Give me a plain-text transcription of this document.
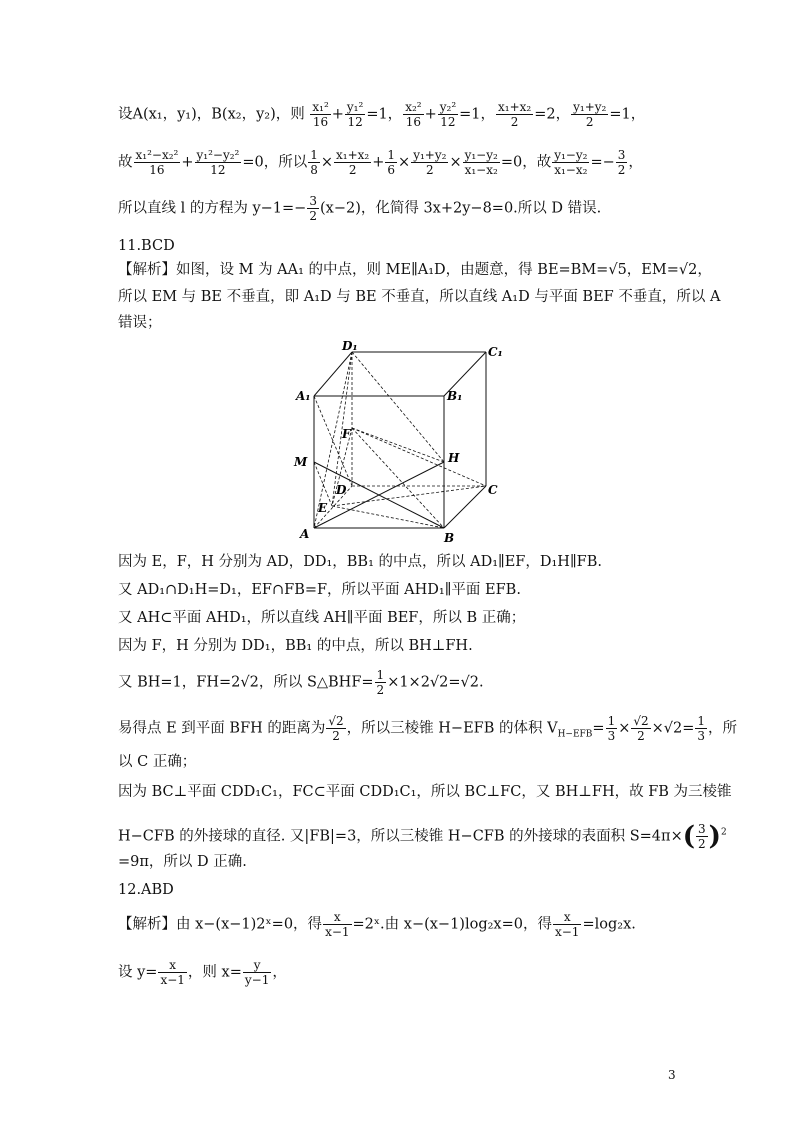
设A(x₁，y₁)，B(x₂，y₂)，则 $\frac{\text{x₁²}}{16} + \frac{\text{y₁²}}{12} =1$， $\frac{\text{x₂²}}{16} + \frac{\text{y₂²}}{12} =1$， $\frac{\text{x₁+x₂}}{2} =2$， $\frac{\text{y₁+y₂}}{2} =1$，
故 $\frac{\text{x₁²−x₂²}}{16} + \frac{\text{y₁²−y₂²}}{12} =0$，所以 $\frac{1}{8} \times \frac{\text{x₁+x₂}}{2} + \frac{1}{6} \times \frac{\text{y₁+y₂}}{2} \times \frac{\text{y₁−y₂}}{\text{x₁−x₂}} =0$，故 $\frac{\text{y₁−y₂}}{\text{x₁−x₂}} =- \frac{3}{2}$ ，
所以直线 l 的方程为 $y-1=- \frac{3}{2} (x-2)$，化简得 3x+2y−8=0.所以 D 错误.
11.BCD
【解析】如图，设 M 为 AA₁ 的中点，则 ME∥A₁D，由题意，得 BE=BM=√5，EM=√2，
所以 EM 与 BE 不垂直，即 A₁D 与 BE 不垂直，所以直线 A₁D 与平面 BEF 不垂直，所以 A
错误；
D₁	C₁
A₁	B₁
F
H
M
D	C
E
A	B
因为 E，F，H 分别为 AD，DD₁，BB₁ 的中点，所以 AD₁∥EF，D₁H∥FB.
又 AD₁∩D₁H=D₁，EF∩FB=F，所以平面 AHD₁∥平面 EFB.
又 AH⊂平面 AHD₁，所以直线 AH∥平面 BEF，所以 B 正确；
因为 F，H 分别为 DD₁，BB₁ 的中点，所以 BH⊥FH.
又 BH=1，FH=2√2，所以 S△BHF= $\frac{1}{2} \times 1\times 2√2=√2$.
易得点 E 到平面 BFH 的距离为 $\frac{√2}{2}$ ，所以三棱锥 H−EFB 的体积 $V_{H-EFB}= \frac{1}{3} \times \frac{√2}{2} \times√2= \frac{1}{3}$ ，所
以 C 正确；
因为 BC⊥平面 CDD₁C₁，FC⊂平面 CDD₁C₁，所以 BC⊥FC，又 BH⊥FH，故 FB 为三棱锥
H−CFB 的外接球的直径. 又|FB|=3，所以三棱锥 H−CFB 的外接球的表面积 $S=4\pi\times( \frac{3}{2} )^2$
=9π，所以 D 正确.
12.ABD
【解析】由 x−(x−1)2ˣ=0，得 $\frac{x}{x-1}$ =2ˣ.由 x−(x−1)log₂x=0，得 $\frac{x}{x-1} =\log_2x$.
设 $y= \frac{x}{x-1}$ ，则 $x= \frac{y}{y-1}$ ，
3
